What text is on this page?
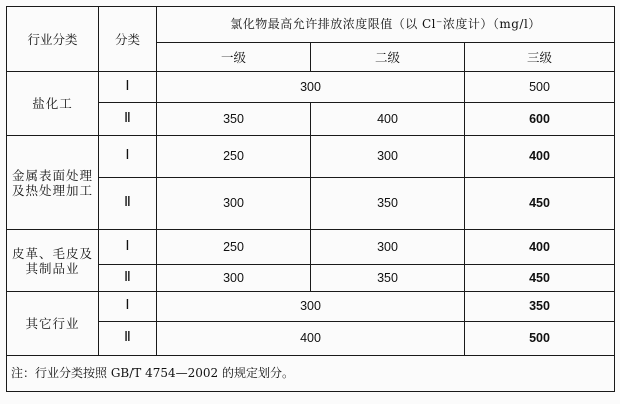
行业分类	分类	氯化物最高允许排放浓度限值（以 Cl⁻浓度计）（mg/l）		
		一级	二级	三级
盐化工	Ⅰ	300		500
	Ⅱ	350	400	600

金属表面处理
及热处理加工	Ⅰ	250	300	400
	Ⅱ	300	350	450

皮革、毛皮及
其制品业	Ⅰ	250	300	400
	Ⅱ	300	350	450
其它行业	Ⅰ	300		350
	Ⅱ	400		500
注：行业分类按照 GB/T 4754—2002 的规定划分。				
